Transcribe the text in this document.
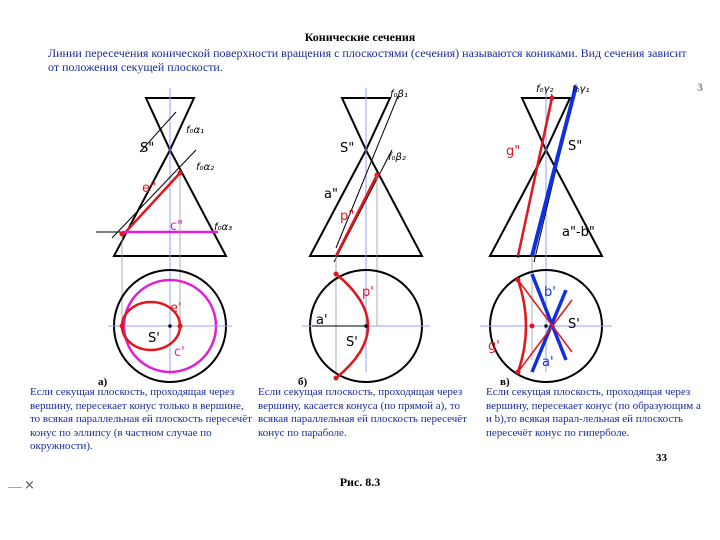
Конические сечения
Линии пересечения конической поверхности вращения с плоскостями (сечения) называются кониками. Вид сечения зависит от положения секущей плоскости.
3
f₀α₁
f₀α₂
f₀α₃
S"
e"
c"
e'
S'
c'
f₀β₁
f₀β₂
S"
a"
p"
p'
a'
S'
f₀γ₂ f₀γ₁
g"	S"
a"-b"
b'
S'
g'
a'
а)	б)	в)
Если секущая плоскость, проходящая через вершину, пересекает конус только в вершине, то всякая параллельная ей плоскость пересечёт конус по эллипсу (в частном случае по окружности).
Если секущая плоскость, проходящая через вершину, касается конуса (по прямой а), то всякая параллельная ей плоскость пересечёт конус по параболе.
Если секущая плоскость, проходящая через вершину, пересекает конус (по образующим а и b),то всякая парал-лельная ей плоскость пересечёт конус по гиперболе.
33
Рис. 8.3
×
